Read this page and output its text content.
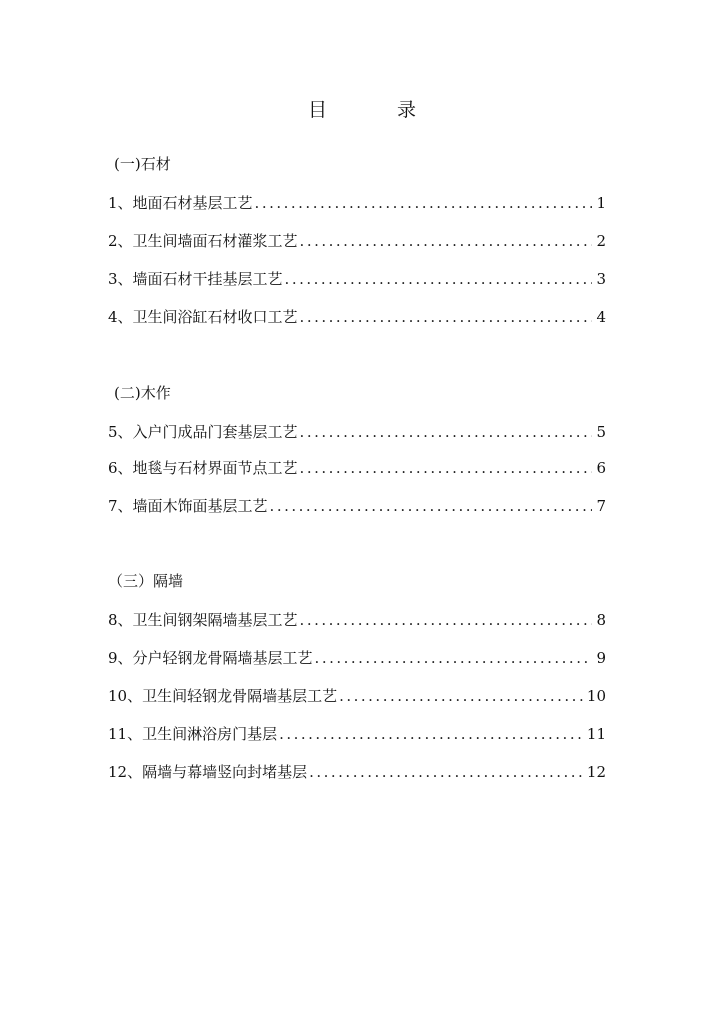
目	录
(一)石材
1、地面石材基层工艺 .....	1
2、卫生间墙面石材灌浆工艺 .....	2
3、墙面石材干挂基层工艺 .....	3
4、卫生间浴缸石材收口工艺 .....	4
(二)木作
5、入户门成品门套基层工艺 .....	5
6、地毯与石材界面节点工艺 .....	6
7、墙面木饰面基层工艺 .....	7
（三）隔墙
8、卫生间钢架隔墙基层工艺 .....	8
9、分户轻钢龙骨隔墙基层工艺 .....	9
10、卫生间轻钢龙骨隔墙基层工艺 .....	10
11、卫生间淋浴房门基层 .....	11
12、隔墙与幕墙竖向封堵基层 .....	12
